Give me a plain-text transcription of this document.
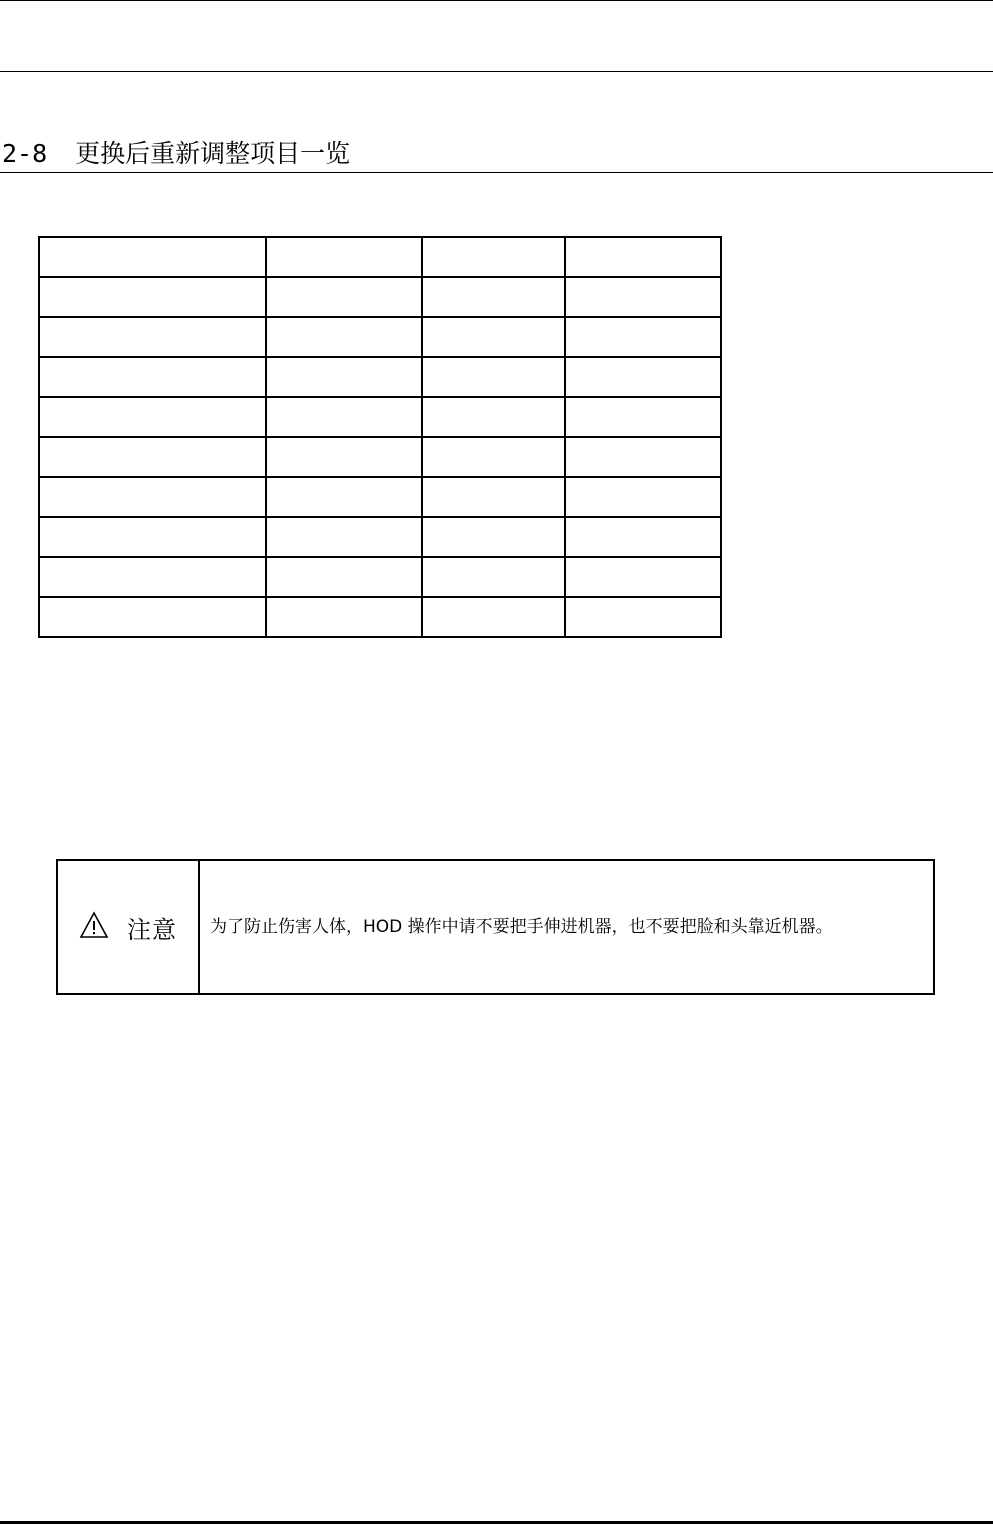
2-8 更换后重新调整项目一览

注意	为了防止伤害人体，HOD 操作中请不要把手伸进机器，也不要把脸和头靠近机器。
